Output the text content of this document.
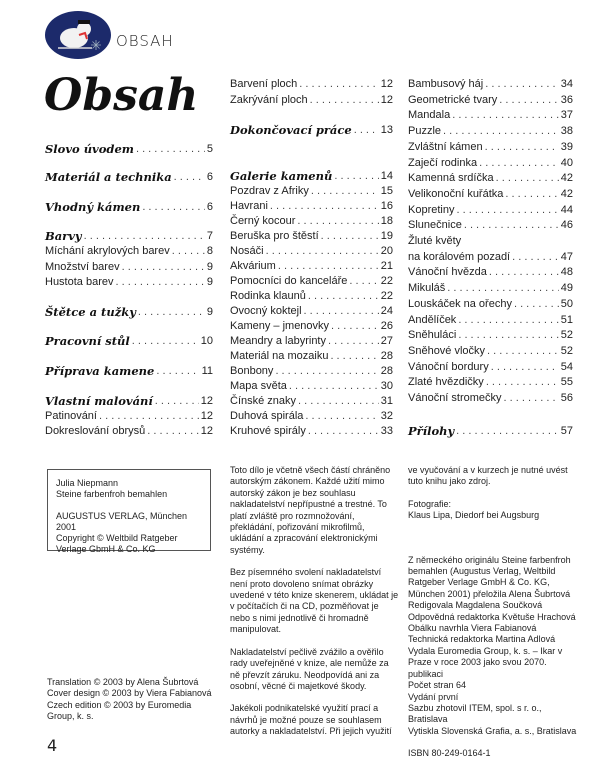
OBSAH
Obsah
Slovo úvodem . . .	5
Materiál a technika . . .	6
Vhodný kámen . . .	6
Barvy . . .	7
Míchání akrylových barev . . .	8
Množství barev . . .	9
Hustota barev . . .	9
Štětce a tužky . . .	9
Pracovní stůl . . .	10
Příprava kamene . . .	11
Vlastní malování . . .	12
Patinování . . .	12
Dokreslování obrysů . . .	12
Barvení ploch . . .	12
Zakrývání ploch . . .	12
Dokončovací práce . . .	13
Galerie kamenů . . .	14
Pozdrav z Afriky . . .	15
Havrani . . .	16
Černý kocour . . .	18
Beruška pro štěstí . . .	19
Nosáči . . .	20
Akvárium . . .	21
Pomocníci do kanceláře . . .	22
Rodinka klaunů . . .	22
Ovocný koktejl . . .	24
Kameny – jmenovky . . .	26
Meandry a labyrinty . . .	27
Materiál na mozaiku . . .	28
Bonbony . . .	28
Mapa světa . . .	30
Čínské znaky . . .	31
Duhová spirála . . .	32
Kruhové spirály . . .	33
Bambusový háj . . .	34
Geometrické tvary . . .	36
Mandala . . .	37
Puzzle . . .	38
Zvláštní kámen . . .	39
Zaječí rodinka . . .	40
Kamenná srdíčka . . .	42
Velikonoční kuřátka . . .	42
Kopretiny . . .	44
Slunečnice . . .	46
Žluté květy
na korálovém pozadí . . .	47
Vánoční hvězda . . .	48
Mikuláš . . .	49
Louskáček na ořechy . . .	50
Andělíček . . .	51
Sněhuláci . . .	52
Sněhové vločky . . .	52
Vánoční bordury . . .	54
Zlaté hvězdičky . . .	55
Vánoční stromečky . . .	56
Přílohy . . .	57

Julia Niepmann

Steine farbenfroh bemahlen

AUGUSTUS VERLAG, München 2001

Copyright © Weltbild Ratgeber

Verlage GbmH & Co. KG

Translation © 2003 by Alena Šubrtová
Cover design © 2003 by Viera Fabianová
Czech edition © 2003 by Euromedia Group, k. s.

Toto dílo je včetně všech částí chráněno autorským zákonem. Každé užití mimo autorský zákon je bez souhlasu nakladatelství nepřípustné a trestné. To platí zvláště pro rozmnožování, překládání, pořizování mikrofilmů, ukládání a zpracování elektronickými systémy.

Bez písemného svolení nakladatelství není proto dovoleno snímat obrázky uvedené v této knize skenerem, ukládat je v počítačích či na CD, pozměňovat je nebo s nimi jednotlivě či hromadně manipulovat.

Nakladatelství pečlivě zvážilo a ověřilo rady uveřejněné v knize, ale nemůže za ně převzít záruku. Neodpovídá ani za osobní, věcné či majetkové škody.

Jakékoli podnikatelské využití prací a návrhů je možné pouze se souhlasem autorky a nakladatelství. Při jejich využití

ve vyučování a v kurzech je nutné uvést tuto knihu jako zdroj.

Fotografie:
Klaus Lipa, Diedorf bei Augsburg
Z německého originálu Steine farbenfroh bemahlen (Augustus Verlag, Weltbild Ratgeber Verlage GmbH & Co. KG, München 2001) přeložila Alena Šubrtová
Redigovala Magdalena Součková
Odpovědná redaktorka Květuše Hrachová
Obálku navrhla Viera Fabianová
Technická redaktorka Martina Adlová
Vydala Euromedia Group, k. s. – Ikar v Praze v roce 2003 jako svou 2070. publikaci
Počet stran 64
Vydání první
Sazbu zhotovil ITEM, spol. s r. o., Bratislava
Vytiskla Slovenská Grafia, a. s., Bratislava
ISBN 80-249-0164-1
4
